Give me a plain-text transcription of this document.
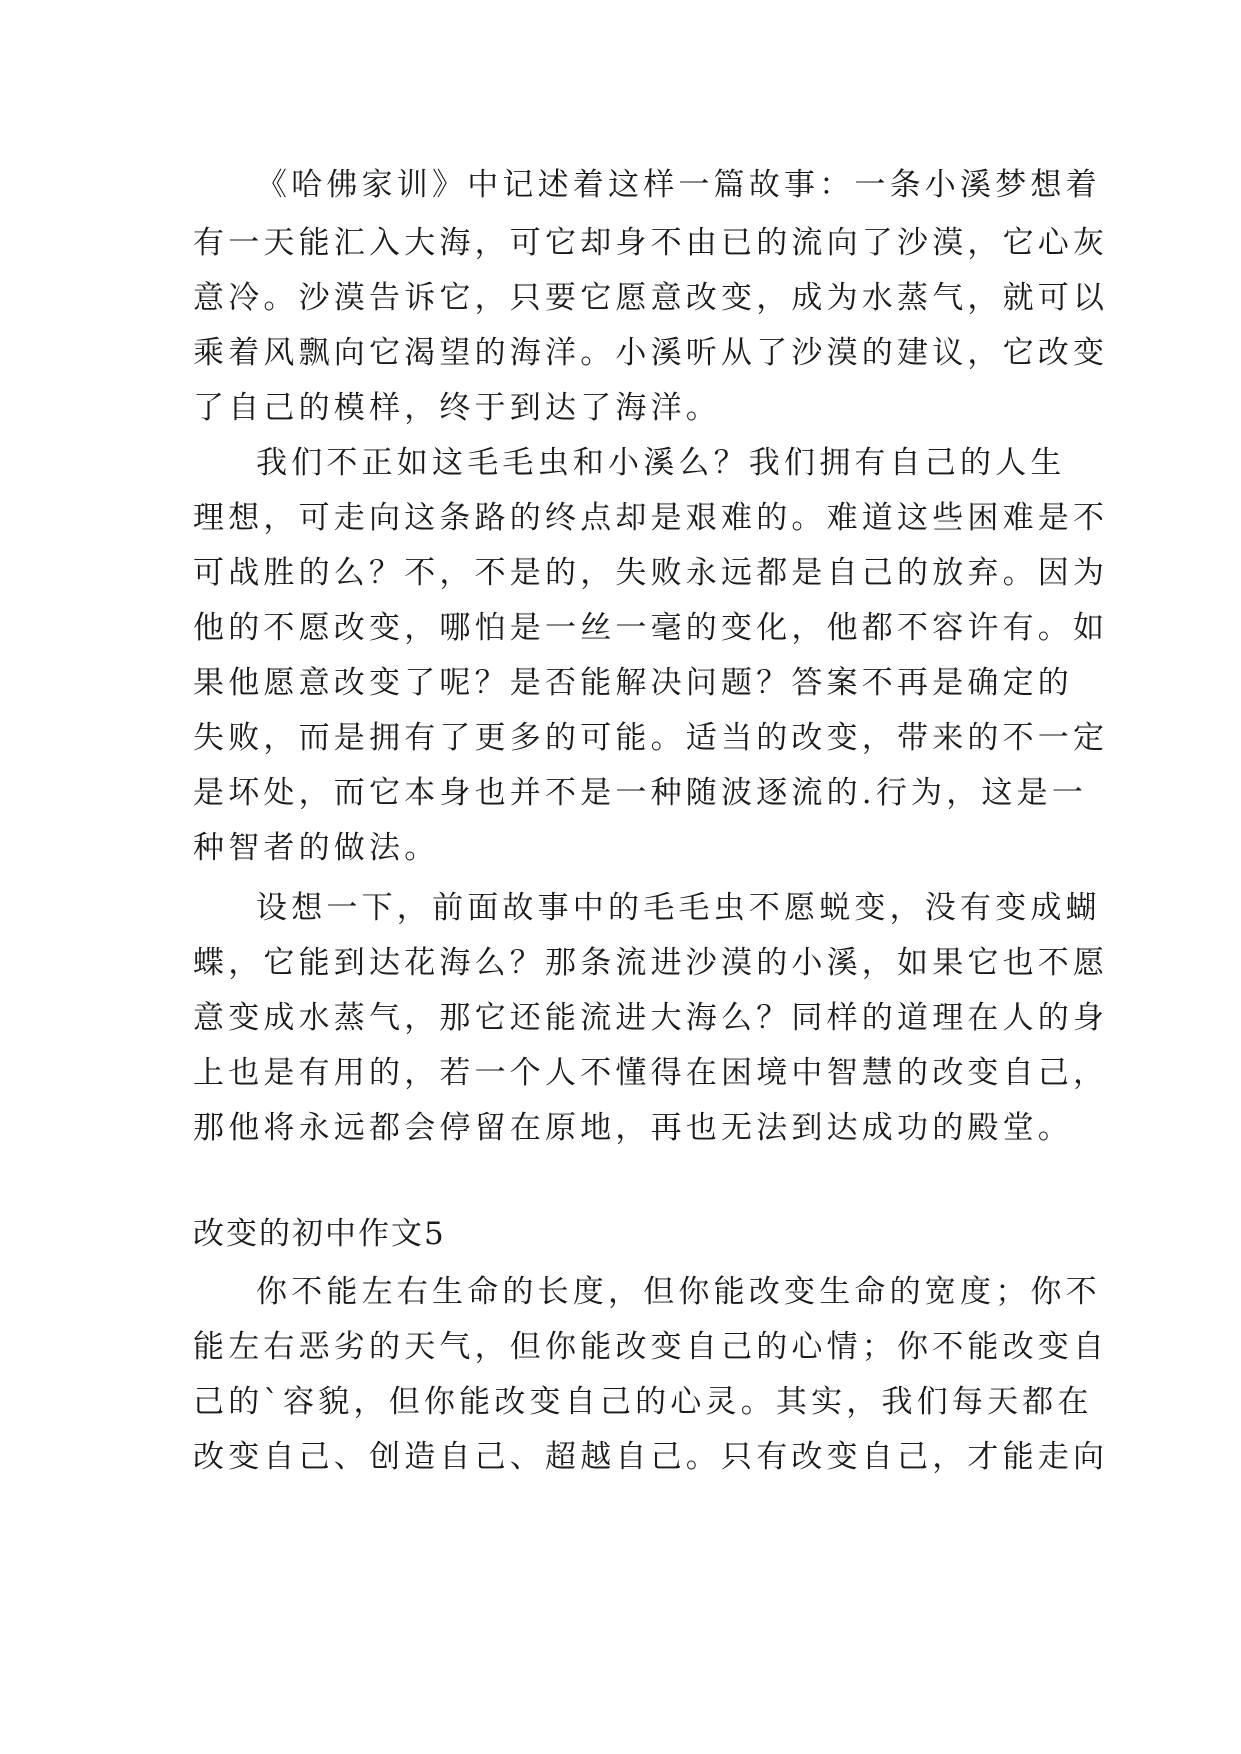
《哈佛家训》中记述着这样一篇故事：一条小溪梦想着
有一天能汇入大海，可它却身不由已的流向了沙漠，它心灰
意冷。沙漠告诉它，只要它愿意改变，成为水蒸气，就可以
乘着风飘向它渴望的海洋。小溪听从了沙漠的建议，它改变
了自己的模样，终于到达了海洋。
我们不正如这毛毛虫和小溪么？我们拥有自己的人生
理想，可走向这条路的终点却是艰难的。难道这些困难是不
可战胜的么？不，不是的，失败永远都是自己的放弃。因为
他的不愿改变，哪怕是一丝一毫的变化，他都不容许有。如
果他愿意改变了呢？是否能解决问题？答案不再是确定的
失败，而是拥有了更多的可能。适当的改变，带来的不一定
是坏处，而它本身也并不是一种随波逐流的.行为，这是一
种智者的做法。
设想一下，前面故事中的毛毛虫不愿蜕变，没有变成蝴
蝶，它能到达花海么？那条流进沙漠的小溪，如果它也不愿
意变成水蒸气，那它还能流进大海么？同样的道理在人的身
上也是有用的，若一个人不懂得在困境中智慧的改变自己，
那他将永远都会停留在原地，再也无法到达成功的殿堂。
改变的初中作文5
你不能左右生命的长度，但你能改变生命的宽度；你不
能左右恶劣的天气，但你能改变自己的心情；你不能改变自
己的`容貌，但你能改变自己的心灵。其实，我们每天都在
改变自己、创造自己、超越自己。只有改变自己，才能走向
